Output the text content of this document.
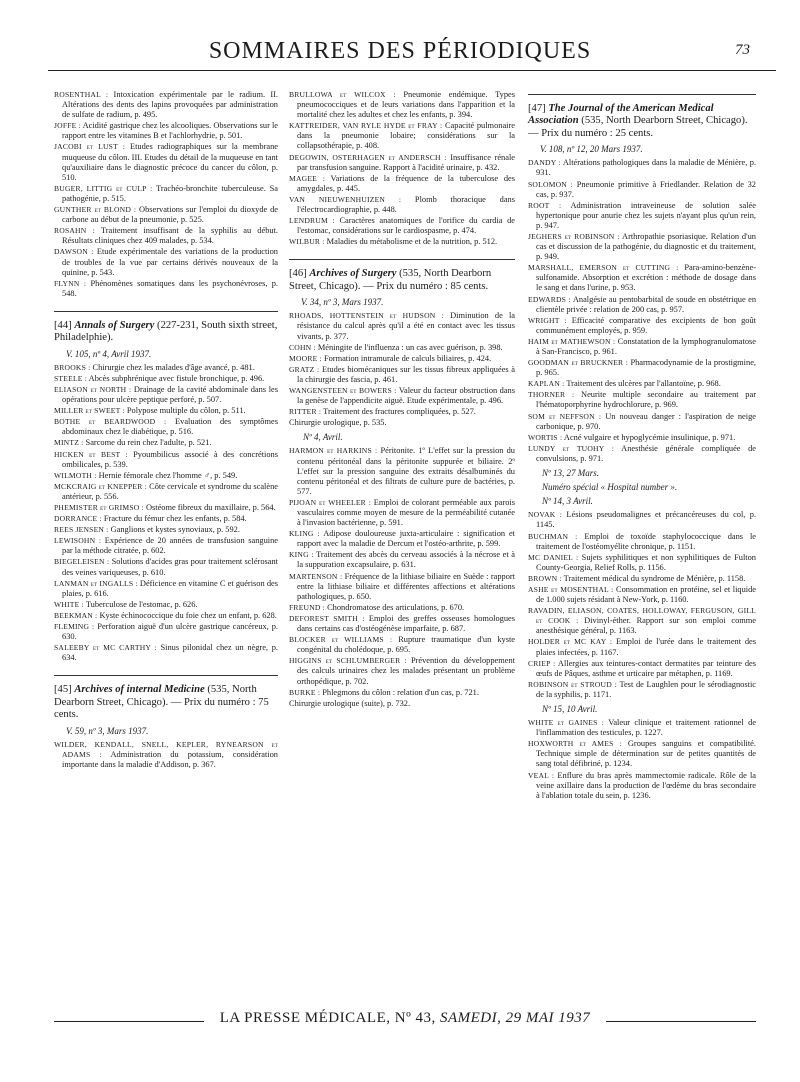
SOMMAIRES DES PÉRIODIQUES	73
ROSENTHAL : Intoxication expérimentale par le radium. II. Altérations des dents des lapins provoquées par administration de sulfate de radium, p. 495.
JOFFE : Acidité gastrique chez les alcooliques. Observations sur le rapport entre les vitamines B et l'achlorhydrie, p. 501.
JACOBI et LUST : Etudes radiographiques sur la membrane muqueuse du côlon. III. Etudes du détail de la muqueuse en tant qu'auxiliaire dans le diagnostic précoce du cancer du côlon, p. 510.
BUGER, LITTIG et CULP : Trachéo-bronchite tuberculeuse. Sa pathogénie, p. 515.
GUNTHER et BLOND : Observations sur l'emploi du dioxyde de carbone au début de la pneumonie, p. 525.
ROSAHN : Traitement insuffisant de la syphilis au début. Résultats cliniques chez 409 malades, p. 534.
DAWSON : Etude expérimentale des variations de la production de troubles de la vue par certains dérivés nouveaux de la quinine, p. 543.
FLYNN : Phénomènes somatiques dans les psychonévroses, p. 548.
[44] Annals of Surgery (227-231, South sixth street, Philadelphie).
V. 105, nº 4, Avril 1937.
BROOKS : Chirurgie chez les malades d'âge avancé, p. 481.
STEELE : Abcès subphrénique avec fistule bronchique, p. 496.
ELIASON et NORTH : Drainage de la cavité abdominale dans les opérations pour ulcère peptique perforé, p. 507.
MILLER et SWEET : Polypose multiple du côlon, p. 511.
BOTHE et BEARDWOOD : Evaluation des symptômes abdominaux chez le diabétique, p. 516.
MINTZ : Sarcome du rein chez l'adulte, p. 521.
HICKEN et BEST : Pyoumbilicus associé à des concrétions ombilicales, p. 539.
WILMOTH : Hernie fémorale chez l'homme ♂, p. 549.
MCKCRAIG et KNEPPER : Côte cervicale et syndrome du scalène antérieur, p. 556.
PHEMISTER et GRIMSO : Ostéome fibreux du maxillaire, p. 564.
DORRANCE : Fracture du fémur chez les enfants, p. 584.
REES JENSEN : Ganglions et kystes synoviaux, p. 592.
LEWISOHN : Expérience de 20 années de transfusion sanguine par la méthode citratée, p. 602.
BIEGELEISEN : Solutions d'acides gras pour traitement sclérosant des veines variqueuses, p. 610.
LANMAN et INGALLS : Déficience en vitamine C et guérison des plaies, p. 616.
WHITE : Tuberculose de l'estomac, p. 626.
BEEKMAN : Kyste échinococcique du foie chez un enfant, p. 628.
FLEMING : Perforation aiguë d'un ulcère gastrique cancéreux, p. 630.
SALEEBY et MC CARTHY : Sinus pilonidal chez un nègre, p. 634.
[45] Archives of internal Medicine (535, North Dearborn Street, Chicago). — Prix du numéro : 75 cents.
V. 59, nº 3, Mars 1937.
WILDER, KENDALL, SNELL, KEPLER, RYNEARSON et ADAMS : Administration du potassium, considération importante dans la maladie d'Addison, p. 367.
BRULLOWA et WILCOX : Pneumonie endémique. Types pneumococciques et de leurs variations dans l'apparition et la mortalité chez les adultes et chez les enfants, p. 394.
KATTREIDER, VAN RYLE HYDE et FRAY : Capacité pulmonaire dans la pneumonie lobaire; considérations sur la collapsothérapie, p. 408.
DEGOWIN, OSTERHAGEN et ANDERSCH : Insuffisance rénale par transfusion sanguine. Rapport à l'acidité urinaire, p. 432.
MAGEE : Variations de la fréquence de la tuberculose des amygdales, p. 445.
VAN NIEUWENHUIZEN : Plomb thoracique dans l'électrocardiographie, p. 448.
LENDRUM : Caractères anatomiques de l'orifice du cardia de l'estomac, considérations sur le cardiospasme, p. 474.
WILBUR : Maladies du métabolisme et de la nutrition, p. 512.
[46] Archives of Surgery (535, North Dearborn Street, Chicago). — Prix du numéro : 85 cents.
V. 34, nº 3, Mars 1937.
RHOADS, HOTTENSTEIN et HUDSON : Diminution de la résistance du calcul après qu'il a été en contact avec les tissus vivants, p. 377.
COHN : Méningite de l'influenza : un cas avec guérison, p. 398.
MOORE : Formation intramurale de calculs biliaires, p. 424.
GRATZ : Etudes biomécaniques sur les tissus fibreux appliquées à la chirurgie des fascia, p. 461.
WANGENSTEEN et BOWERS : Valeur du facteur obstruction dans la genèse de l'appendicite aiguë. Etude expérimentale, p. 496.
RITTER : Traitement des fractures compliquées, p. 527.
Chirurgie urologique, p. 535.
Nº 4, Avril.
HARMON et HARKINS : Péritonite. 1º L'effet sur la pression du contenu péritonéal dans la péritonite suppurée et biliaire. 2º L'effet sur la pression sanguine des extraits désalbuminés du contenu péritonéal et des filtrats de culture pure de bactéries, p. 577.
PIJOAN et WHEELER : Emploi de colorant perméable aux parois vasculaires comme moyen de mesure de la perméabilité cutanée à l'invasion bactérienne, p. 591.
KLING : Adipose douloureuse juxta-articulaire : signification et rapport avec la maladie de Dercum et l'ostéo-arthrite, p. 599.
KING : Traitement des abcès du cerveau associés à la nécrose et à la suppuration excapsulaire, p. 631.
MARTENSON : Fréquence de la lithiase biliaire en Suède : rapport entre la lithiase biliaire et différentes affections et altérations pathologiques, p. 650.
FREUND : Chondromatose des articulations, p. 670.
DEFOREST SMITH : Emploi des greffes osseuses homologues dans certains cas d'ostéogénèse imparfaite, p. 687.
BLOCKER et WILLIAMS : Rupture traumatique d'un kyste congénital du cholédoque, p. 695.
HIGGINS et SCHLUMBERGER : Prévention du développement des calculs urinaires chez les malades présentant un problème orthopédique, p. 702.
BURKE : Phlegmons du côlon : relation d'un cas, p. 721.
Chirurgie urologique (suite), p. 732.
[47] The Journal of the American Medical Association (535, North Dearborn Street, Chicago). — Prix du numéro : 25 cents.
V. 108, nº 12, 20 Mars 1937.
DANDY : Altérations pathologiques dans la maladie de Ménière, p. 931.
SOLOMON : Pneumonie primitive à Friedlander. Relation de 32 cas, p. 937.
ROOT : Administration intraveineuse de solution salée hypertonique pour anurie chez les sujets n'ayant plus qu'un rein, p. 947.
JEGHERS et ROBINSON : Arthropathie psoriasique. Relation d'un cas et discussion de la pathogénie, du diagnostic et du traitement, p. 949.
MARSHALL, EMERSON et CUTTING : Para-amino-benzène-sulfonamide. Absorption et excrétion : méthode de dosage dans le sang et dans l'urine, p. 953.
EDWARDS : Analgésie au pentobarbital de soude en obstétrique en clientèle privée : relation de 200 cas, p. 957.
WRIGHT : Efficacité comparative des excipients de bon goût communément employés, p. 959.
HAIM et MATHEWSON : Constatation de la lymphogranulomatose à San-Francisco, p. 961.
GOODMAN et BRUCKNER : Pharmacodynamie de la prostigmine, p. 965.
KAPLAN : Traitement des ulcères par l'allantoïne, p. 968.
THORNER : Neurite multiple secondaire au traitement par l'hématoporphyrine hydrochlorure, p. 969.
SOM et NEFFSON : Un nouveau danger : l'aspiration de neige carbonique, p. 970.
WORTIS : Acné vulgaire et hypoglycémie insulinique, p. 971.
LUNDY et TUOHY : Anesthésie générale compliquée de convulsions, p. 971.
Nº 13, 27 Mars.
Numéro spécial « Hospital number ».
Nº 14, 3 Avril.
NOVAK : Lésions pseudomalignes et précancéreuses du col, p. 1145.
BUCHMAN : Emploi de toxoïde staphylococcique dans le traitement de l'ostéomyélite chronique, p. 1151.
MC DANIEL : Sujets syphilitiques et non syphilitiques de Fulton County-Georgia, Relief Rolls, p. 1156.
BROWN : Traitement médical du syndrome de Ménière, p. 1158.
ASHE et MOSENTHAL : Consommation en protéine, sel et liquide de 1.000 sujets résidant à New-York, p. 1160.
RAVADIN, ELIASON, COATES, HOLLOWAY, FERGUSON, GILL et COOK : Divinyl-éther. Rapport sur son emploi comme anesthésique général, p. 1163.
HOLDER et MC KAY : Emploi de l'urée dans le traitement des plaies infectées, p. 1167.
CRIEP : Allergies aux teintures-contact dermatites par teinture des œufs de Pâques, asthme et urticaire par métaphen, p. 1169.
ROBINSON et STROUD : Test de Laughlen pour le sérodiagnostic de la syphilis, p. 1171.
Nº 15, 10 Avril.
WHITE et GAINES : Valeur clinique et traitement rationnel de l'inflammation des testicules, p. 1227.
HOXWORTH et AMES : Groupes sanguins et compatibilité. Technique simple de détermination sur de petites quantités de sang total défibriné, p. 1234.
VEAL : Enflure du bras après mammectomie radicale. Rôle de la veine axillaire dans la production de l'œdème du bras secondaire à l'ablation totale du sein, p. 1236.
LA PRESSE MÉDICALE, Nº 43, SAMEDI, 29 MAI 1937
